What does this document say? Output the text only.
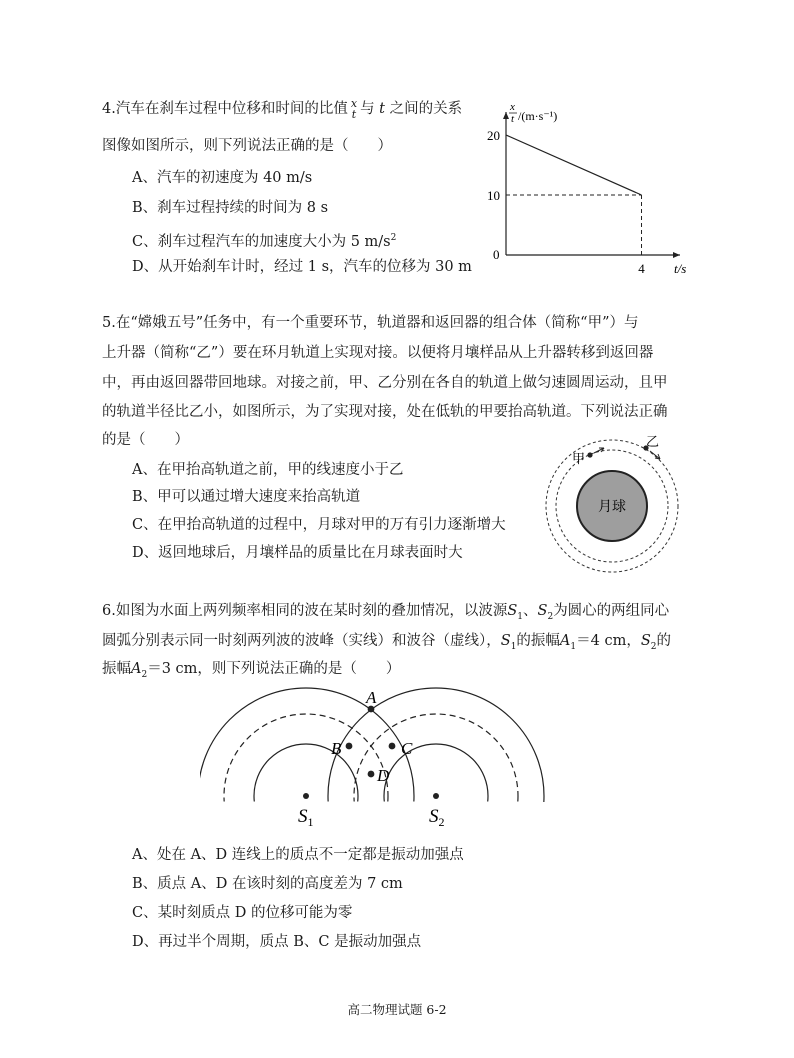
4.汽车在刹车过程中位移和时间的比值 x
t 与 t 之间的关系
图像如图所示，则下列说法正确的是（　　）
A、汽车的初速度为 40 m/s
B、刹车过程持续的时间为 8 s
C、刹车过程汽车的加速度大小为 5 $m/s^2$
D、从开始刹车计时，经过 1 s，汽车的位移为 30 m
10
20
4
x
t /(m·s⁻¹)
t/s
0
5.在“嫦娥五号”任务中，有一个重要环节，轨道器和返回器的组合体（简称“甲”）与
上升器（简称“乙”）要在环月轨道上实现对接。以便将月壤样品从上升器转移到返回器
中，再由返回器带回地球。对接之前，甲、乙分别在各自的轨道上做匀速圆周运动，且甲
的轨道半径比乙小，如图所示，为了实现对接，处在低轨的甲要抬高轨道。下列说法正确
的是（　　）
A、在甲抬高轨道之前，甲的线速度小于乙
B、甲可以通过增大速度来抬高轨道
C、在甲抬高轨道的过程中，月球对甲的万有引力逐渐增大
D、返回地球后，月壤样品的质量比在月球表面时大
月球
甲
乙
6.如图为水面上两列频率相同的波在某时刻的叠加情况，以波源$S_1$、$S_2$为圆心的两组同心
圆弧分别表示同一时刻两列波的波峰（实线）和波谷（虚线），$S_1$的振幅$A_1=4$ cm，$S_2$的
振幅$A_2=3$ cm，则下列说法正确的是（　　）
A
B	C
D
$S_1$	$S_2$
A、处在 A、D 连线上的质点不一定都是振动加强点
B、质点 A、D 在该时刻的高度差为 7 cm
C、某时刻质点 D 的位移可能为零
D、再过半个周期，质点 B、C 是振动加强点
高二物理试题 6-2
